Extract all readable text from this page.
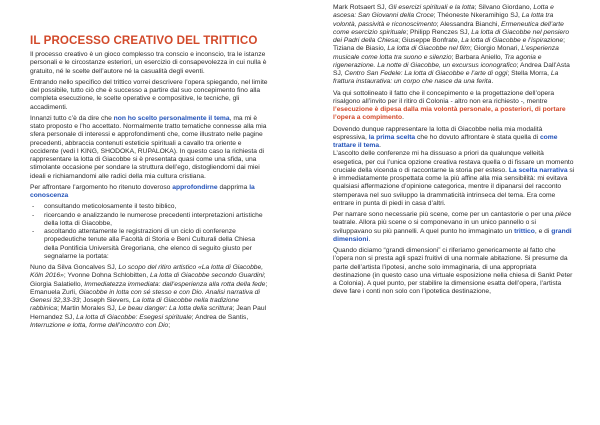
IL PROCESSO CREATIVO DEL TRITTICO

Il processo creativo è un gioco complesso tra conscio e inconscio, tra le istanze personali e le circostanze esteriori, un esercizio di consapevolezza in cui nulla è gratuito, né le scelte dell’autore né la casualità degli eventi.

Entrando nello specifico del trittico vorrei descrivere l’opera spiegando, nel limite del possibile, tutto ciò che è successo a partire dal suo concepimento fino alla completa esecuzione, le scelte operative e compositive, le tecniche, gli accadimenti.

Innanzi tutto c’è da dire che non ho scelto personalmente il tema, ma mi è stato proposto e l’ho accettato. Normalmente tratto tematiche connesse alla mia sfera personale di interessi e approfondimenti che, come illustrato nelle pagine precedenti, abbraccia contenuti esteticie spirituali a cavallo tra oriente e occidente (vedi I KING, SHODOKA, RUPALOKA). In questo caso la richiesta di rappresentare la lotta di Giacobbe si è presentata quasi come una sfida, una stimolante occasione per sondare la struttura dell’ego, distogliendomi dai miei ideali e richiamandomi alle radici della mia cultura cristiana.

Per affrontare l’argomento ho ritenuto doveroso approfondirne dapprima la conoscenza

- consultando meticolosamente il testo biblico,
- ricercando e analizzando le numerose precedenti interpretazioni artistiche della lotta di Giacobbe,
- ascoltando attentamente le registrazioni di un ciclo di conferenze propedeutiche tenute alla Facoltà di Storia e Beni Culturali della Chiesa della Pontificia Università Gregoriana, che elenco di seguito giusto per segnalarne la portata:

Nuno da Silva Goncalves SJ, Lo scopo del ritiro artistico «La lotta di Giacobbe, Köln 2016»; Yvonne Dohna Schlobitten, La lotta di Giacobbe secondo Guardini; Giorgia Salatiello, Immediatezza immediata: dall’esperienza alla rotta della fede; Emanuela Zurli, Giacobbe in lotta con sé stesso e con Dio. Analisi narrativa di Genesi 32,33-33; Joseph Sievers, La lotta di Giacobbe nella tradizione rabbinica; Martin Morales SJ, Le beau danger: La lotta della scrittura; Jean Paul Hernandez SJ, La lotta di Giacobbe: Esegesi spirituale; Andrea de Santis, Interruzione e lotta, forme dell’incontro con Dio;

Mark Rotsaert SJ, Gli esercizi spirituali e la lotta; Silvano Giordano, Lotta e ascesa: San Giovanni della Croce; Théoneste Nkeramihigo SJ, La lotta tra volontà, passività e riconoscimento; Alessandra Bianchi, Ermeneutica dell’arte come esercizio spirituale; Philipp Renczes SJ, La lotta di Giacobbe nel pensiero dei Padri della Chiesa; Giuseppe Bonfrate, La lotta di Giacobbe e l’ispirazione; Tiziana de Biasio, La lotta di Giacobbe nel film; Giorgio Monari, L’esperienza musicale come lotta tra suono e silenzio; Barbara Aniello, Tra agonia e rigenerazione. La notte di Giacobbe, un excursus iconografico; Andrea Dall’Asta SJ, Centro San Fedele: La lotta di Giacobbe e l’arte di oggi; Stella Morra, La frattura instaurativa: un corpo che nasce da una ferita.

Va qui sottolineato il fatto che il concepimento e la progettazione dell’opera risalgono all’invito per il ritiro di Colonia - altro non era richiesto -, mentre l’esecuzione è dipesa dalla mia volontà personale, a posteriori, di portare l’opera a compimento.

Dovendo dunque rappresentare la lotta di Giacobbe nella mia modalità espressiva, la prima scelta che ho dovuto affrontare è stata quella di come trattare il tema.
L’ascolto delle conferenze mi ha dissuaso a priori da qualunque velleità esegetica, per cui l’unica opzione creativa restava quella o di fissare un momento cruciale della vicenda o di raccontarne la storia per esteso. La scelta narrativa si è immediatamente prospettata come la più affine alla mia sensibilità: mi evitava qualsiasi affermazione d’opinione categorica, mentre il dipanarsi del racconto stemperava nel suo sviluppo la drammaticità intrinseca del tema. Era come entrare in punta di piedi in casa d’altri.

Per narrare sono necessarie più scene, come per un cantastorie o per una pièce teatrale. Allora più scene o si componevano in un unico pannello o si sviluppavano su più pannelli. A quel punto ho immaginato un trittico, e di grandi dimensioni.

Quando diciamo “grandi dimensioni” ci riferiamo genericamente al fatto che l’opera non si presta agli spazi fruitivi di una normale abitazione. Si presume da parte dell’artista l’ipotesi, anche solo immaginaria, di una appropriata destinazione (in questo caso una virtuale esposizione nella chiesa di Sankt Peter a Colonia). A quel punto, per stabilire la dimensione esatta dell’opera, l’artista deve fare i conti non solo con l’ipotetica destinazione,
